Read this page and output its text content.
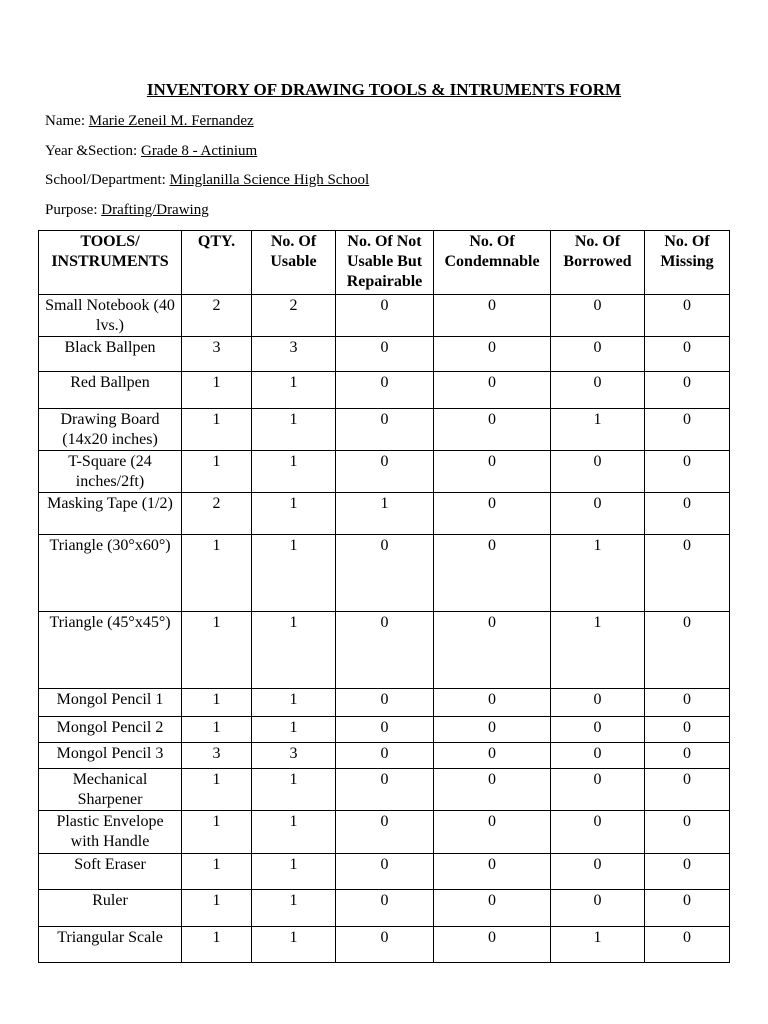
INVENTORY OF DRAWING TOOLS & INTRUMENTS FORM
Name: Marie Zeneil M. Fernandez
Year &Section: Grade 8 - Actinium
School/Department: Minglanilla Science High School
Purpose: Drafting/Drawing
TOOLS/ INSTRUMENTS	QTY.	No. Of Usable	No. Of Not Usable But Repairable	No. Of Condemnable	No. Of Borrowed	No. Of Missing
Small Notebook (40 lvs.)	2	2	0	0	0	0
Black Ballpen	3	3	0	0	0	0
Red Ballpen	1	1	0	0	0	0
Drawing Board (14x20 inches)	1	1	0	0	1	0
T-Square (24 inches/2ft)	1	1	0	0	0	0
Masking Tape (1/2)	2	1	1	0	0	0
Triangle (30°x60°)	1	1	0	0	1	0
Triangle (45°x45°)	1	1	0	0	1	0
Mongol Pencil 1	1	1	0	0	0	0
Mongol Pencil 2	1	1	0	0	0	0
Mongol Pencil 3	3	3	0	0	0	0
Mechanical Sharpener	1	1	0	0	0	0
Plastic Envelope with Handle	1	1	0	0	0	0
Soft Eraser	1	1	0	0	0	0
Ruler	1	1	0	0	0	0
Triangular Scale	1	1	0	0	1	0
